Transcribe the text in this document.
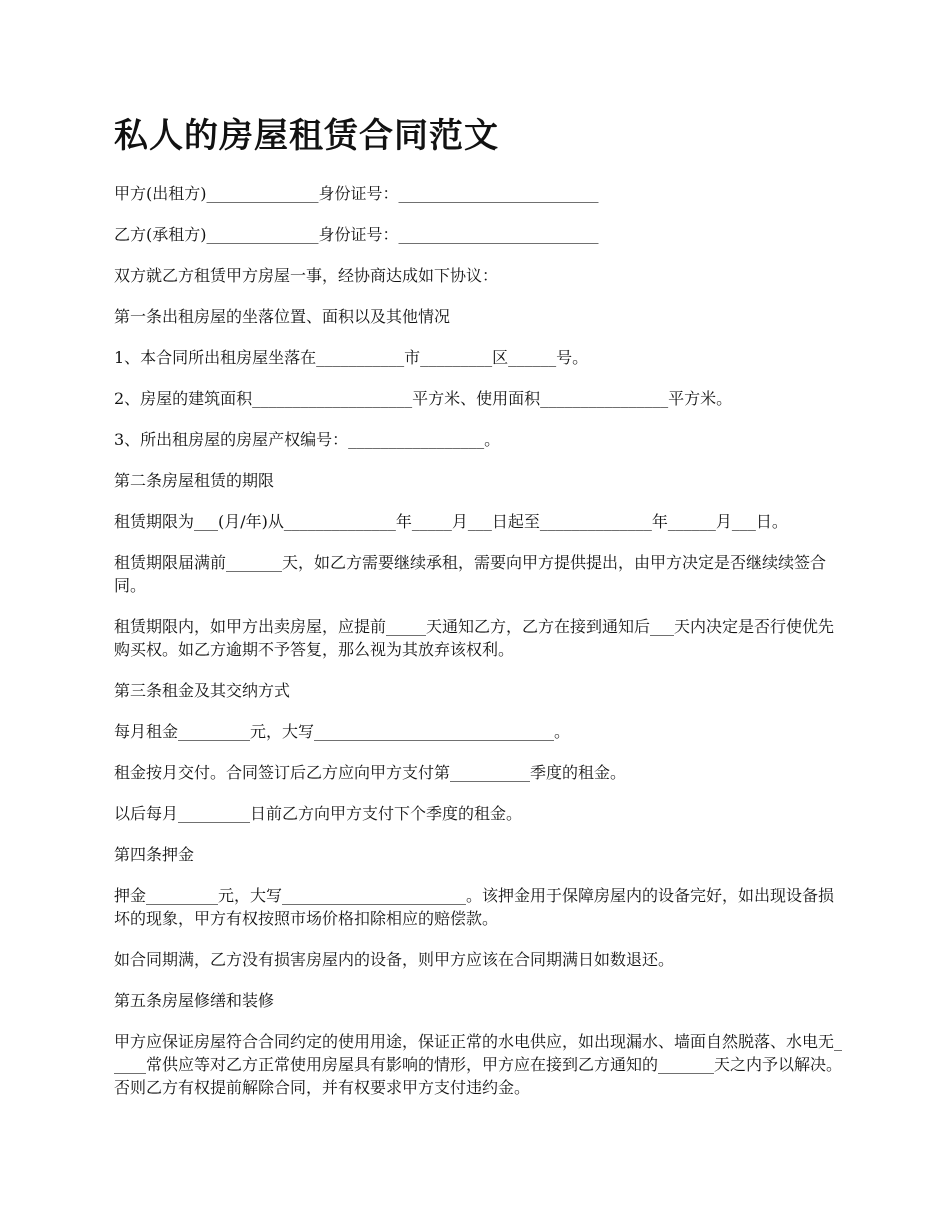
私人的房屋租赁合同范文

甲方(出租方)______________身份证号：_________________________

乙方(承租方)______________身份证号：_________________________

双方就乙方租赁甲方房屋一事，经协商达成如下协议：

第一条出租房屋的坐落位置、面积以及其他情况

1、本合同所出租房屋坐落在___________市_________区______号。

2、房屋的建筑面积____________________平方米、使用面积________________平方米。

3、所出租房屋的房屋产权编号：_________________。

第二条房屋租赁的期限

租赁期限为___(月/年)从______________年_____月___日起至______________年______月___日。

租赁期限届满前_______天，如乙方需要继续承租，需要向甲方提供提出，由甲方决定是否继续续签合同。

租赁期限内，如甲方出卖房屋，应提前_____天通知乙方，乙方在接到通知后___天内决定是否行使优先购买权。如乙方逾期不予答复，那么视为其放弃该权利。

第三条租金及其交纳方式

每月租金_________元，大写______________________________。

租金按月交付。合同签订后乙方应向甲方支付第__________季度的租金。

以后每月_________日前乙方向甲方支付下个季度的租金。

第四条押金

押金_________元，大写_______________________。该押金用于保障房屋内的设备完好，如出现设备损坏的现象，甲方有权按照市场价格扣除相应的赔偿款。

如合同期满，乙方没有损害房屋内的设备，则甲方应该在合同期满日如数退还。

第五条房屋修缮和装修

甲方应保证房屋符合合同约定的使用用途，保证正常的水电供应，如出现漏水、墙面自然脱落、水电无_____常供应等对乙方正常使用房屋具有影响的情形，甲方应在接到乙方通知的_______天之内予以解决。否则乙方有权提前解除合同，并有权要求甲方支付违约金。
